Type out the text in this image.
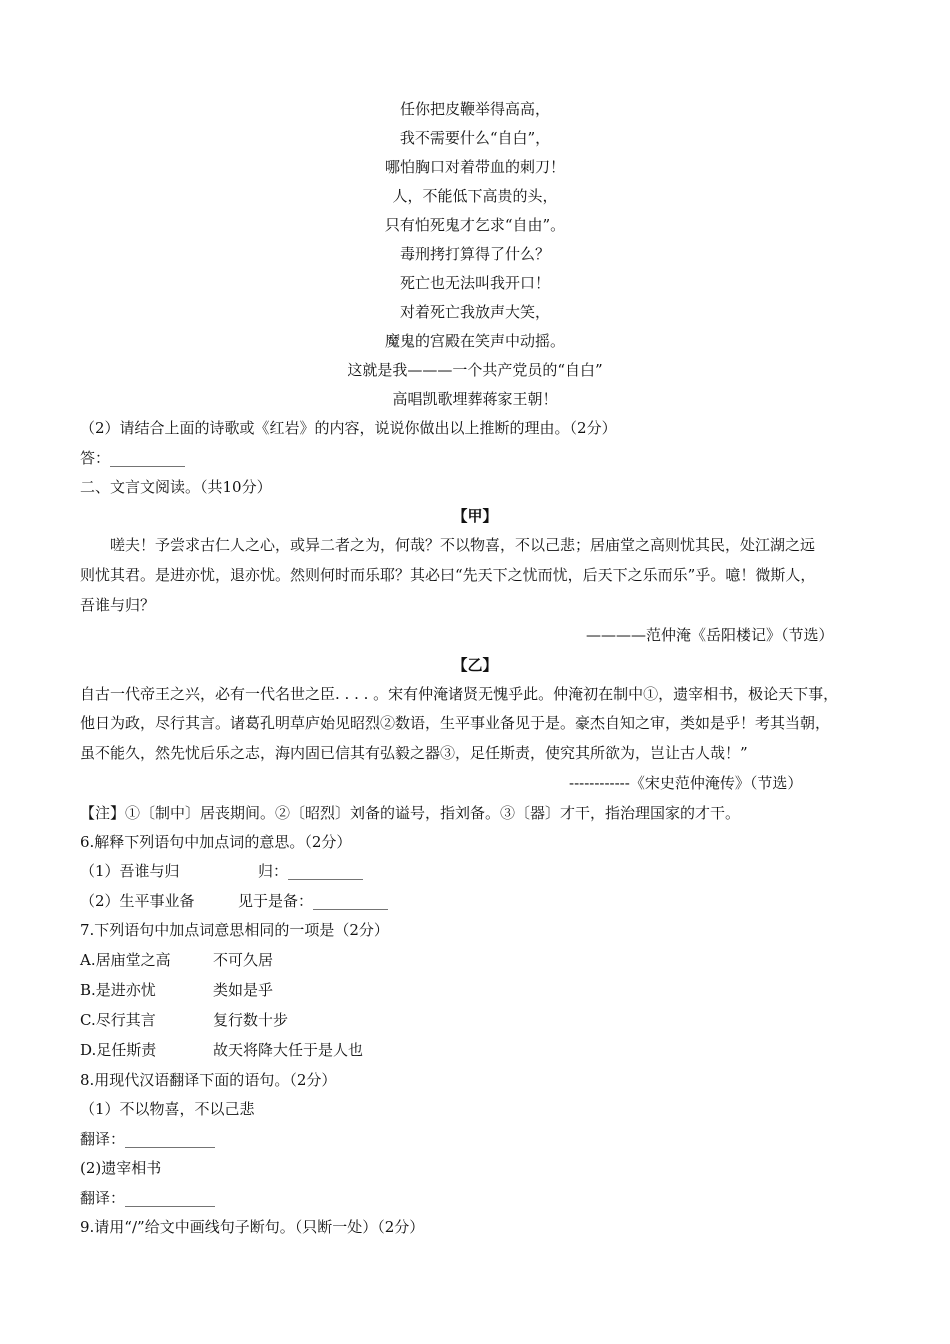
任你把皮鞭举得高高，
我不需要什么“自白”，
哪怕胸口对着带血的刺刀！
人，不能低下高贵的头，
只有怕死鬼才乞求“自由”。
毒刑拷打算得了什么？
死亡也无法叫我开口！
对着死亡我放声大笑，
魔鬼的宫殿在笑声中动摇。
这就是我———一个共产党员的“自白”
高唱凯歌埋葬蒋家王朝！
（2）请结合上面的诗歌或《红岩》的内容，说说你做出以上推断的理由。（2分）
答：__________
二、文言文阅读。（共10分）
【甲】
嗟夫！予尝求古仁人之心，或异二者之为，何哉？不以物喜，不以己悲；居庙堂之高则忧其民，处江湖之远
则忧其君。是进亦忧，退亦忧。然则何时而乐耶？其必曰“先天下之忧而忧，后天下之乐而乐”乎。噫！微斯人，
吾谁与归？
————范仲淹《岳阳楼记》（节选）
【乙】
自古一代帝王之兴，必有一代名世之臣. . . . 。宋有仲淹诸贤无愧乎此。仲淹初在制中①，遗宰相书，极论天下事，
他日为政，尽行其言。诸葛孔明草庐始见昭烈②数语，生平事业备见于是。豪杰自知之审，类如是乎！考其当朝，
虽不能久，然先忧后乐之志，海内固已信其有弘毅之器③，足任斯责，使究其所欲为，岂让古人哉！”
------------《宋史范仲淹传》（节选）
【注】①〔制中〕居丧期间。②〔昭烈〕刘备的谥号，指刘备。③〔器〕才干，指治理国家的才干。
6.解释下列语句中加点词的意思。（2分）
（1）吾谁与归	归：__________
（2）生平事业备	见于是备：__________
7.下列语句中加点词意思相同的一项是（2分）
A.居庙堂之高	不可久居
B.是进亦忧	类如是乎
C.尽行其言	复行数十步
D.足任斯责	故天将降大任于是人也
8.用现代汉语翻译下面的语句。（2分）
（1）不以物喜，不以己悲
翻译：____________
(2)遗宰相书
翻译：____________
9.请用“/”给文中画线句子断句。（只断一处）（2分）
